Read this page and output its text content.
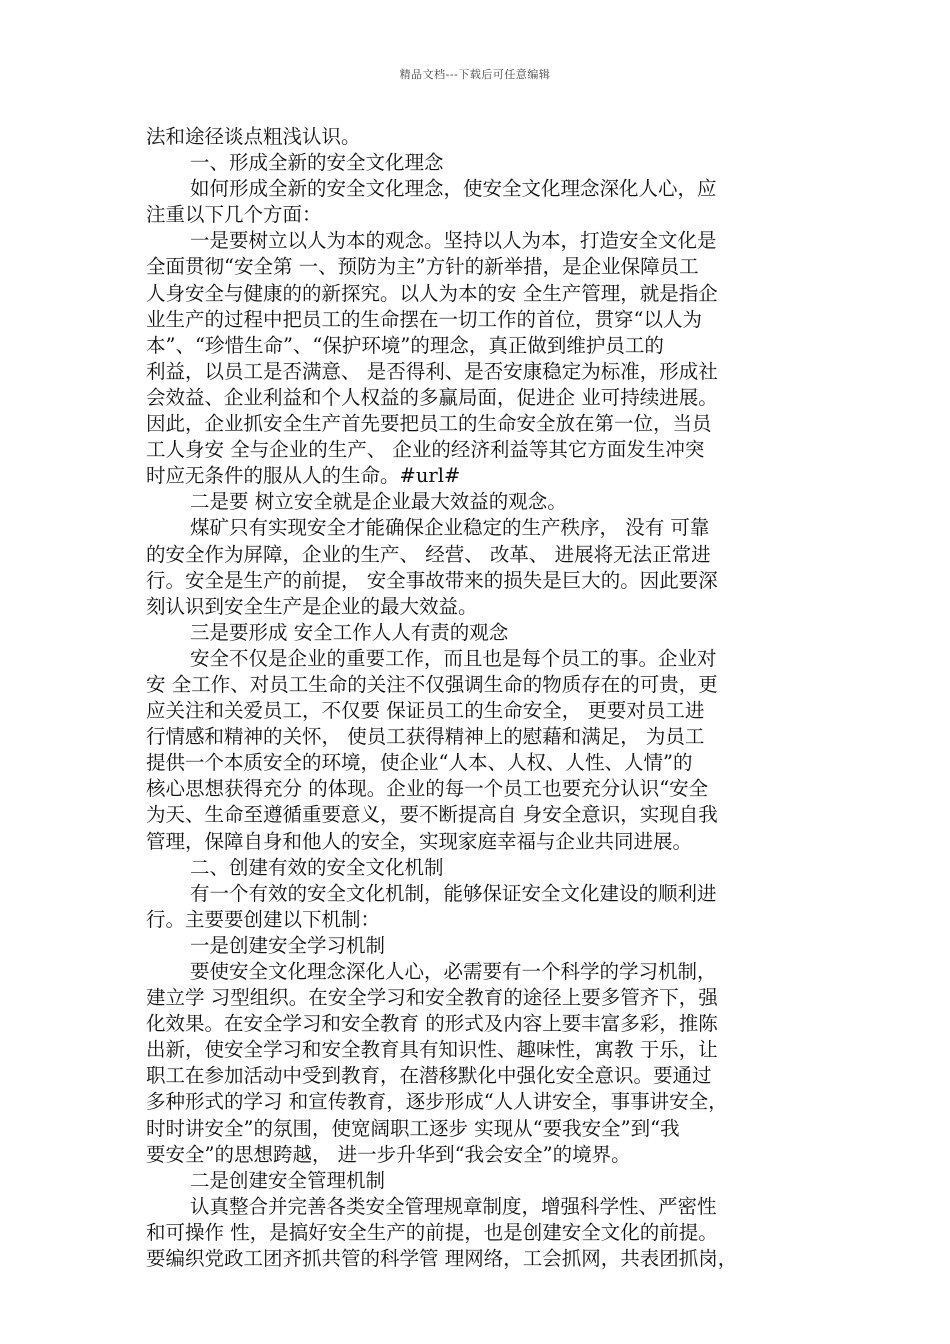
精品文档---下载后可任意编辑
法和途径谈点粗浅认识。
一、形成全新的安全文化理念
如何形成全新的安全文化理念，使安全文化理念深化人心，应
注重以下几个方面：
一是要树立以人为本的观念。坚持以人为本，打造安全文化是
全面贯彻“安全第 一、预防为主”方针的新举措，是企业保障员工
人身安全与健康的的新探究。以人为本的安 全生产管理，就是指企
业生产的过程中把员工的生命摆在一切工作的首位，贯穿“以人为
本”、“珍惜生命”、“保护环境”的理念，真正做到维护员工的
利益，以员工是否满意、 是否得利、是否安康稳定为标准，形成社
会效益、企业利益和个人权益的多赢局面，促进企 业可持续进展。
因此，企业抓安全生产首先要把员工的生命安全放在第一位，当员
工人身安 全与企业的生产、 企业的经济利益等其它方面发生冲突
时应无条件的服从人的生命。#url#
二是要 树立安全就是企业最大效益的观念。
煤矿只有实现安全才能确保企业稳定的生产秩序， 没有 可靠
的安全作为屏障，企业的生产、 经营、 改革、 进展将无法正常进
行。安全是生产的前提， 安全事故带来的损失是巨大的。因此要深
刻认识到安全生产是企业的最大效益。
三是要形成 安全工作人人有责的观念
安全不仅是企业的重要工作，而且也是每个员工的事。企业对
安 全工作、对员工生命的关注不仅强调生命的物质存在的可贵，更
应关注和关爱员工，不仅要 保证员工的生命安全， 更要对员工进
行情感和精神的关怀， 使员工获得精神上的慰藉和满足， 为员工
提供一个本质安全的环境，使企业“人本、人权、人性、人情”的
核心思想获得充分 的体现。企业的每一个员工也要充分认识“安全
为天、生命至遵循重要意义，要不断提高自 身安全意识，实现自我
管理，保障自身和他人的安全，实现家庭幸福与企业共同进展。
二、创建有效的安全文化机制
有一个有效的安全文化机制，能够保证安全文化建设的顺利进
行。主要要创建以下机制：
一是创建安全学习机制
要使安全文化理念深化人心，必需要有一个科学的学习机制，
建立学 习型组织。在安全学习和安全教育的途径上要多管齐下，强
化效果。在安全学习和安全教育 的形式及内容上要丰富多彩，推陈
出新，使安全学习和安全教育具有知识性、趣味性，寓教 于乐，让
职工在参加活动中受到教育，在潜移默化中强化安全意识。要通过
多种形式的学习 和宣传教育，逐步形成“人人讲安全，事事讲安全，
时时讲安全”的氛围，使宽阔职工逐步 实现从“要我安全”到“我
要安全”的思想跨越， 进一步升华到“我会安全”的境界。
二是创建安全管理机制
认真整合并完善各类安全管理规章制度，增强科学性、严密性
和可操作 性，是搞好安全生产的前提，也是创建安全文化的前提。
要编织党政工团齐抓共管的科学管 理网络，工会抓网，共表团抓岗，
